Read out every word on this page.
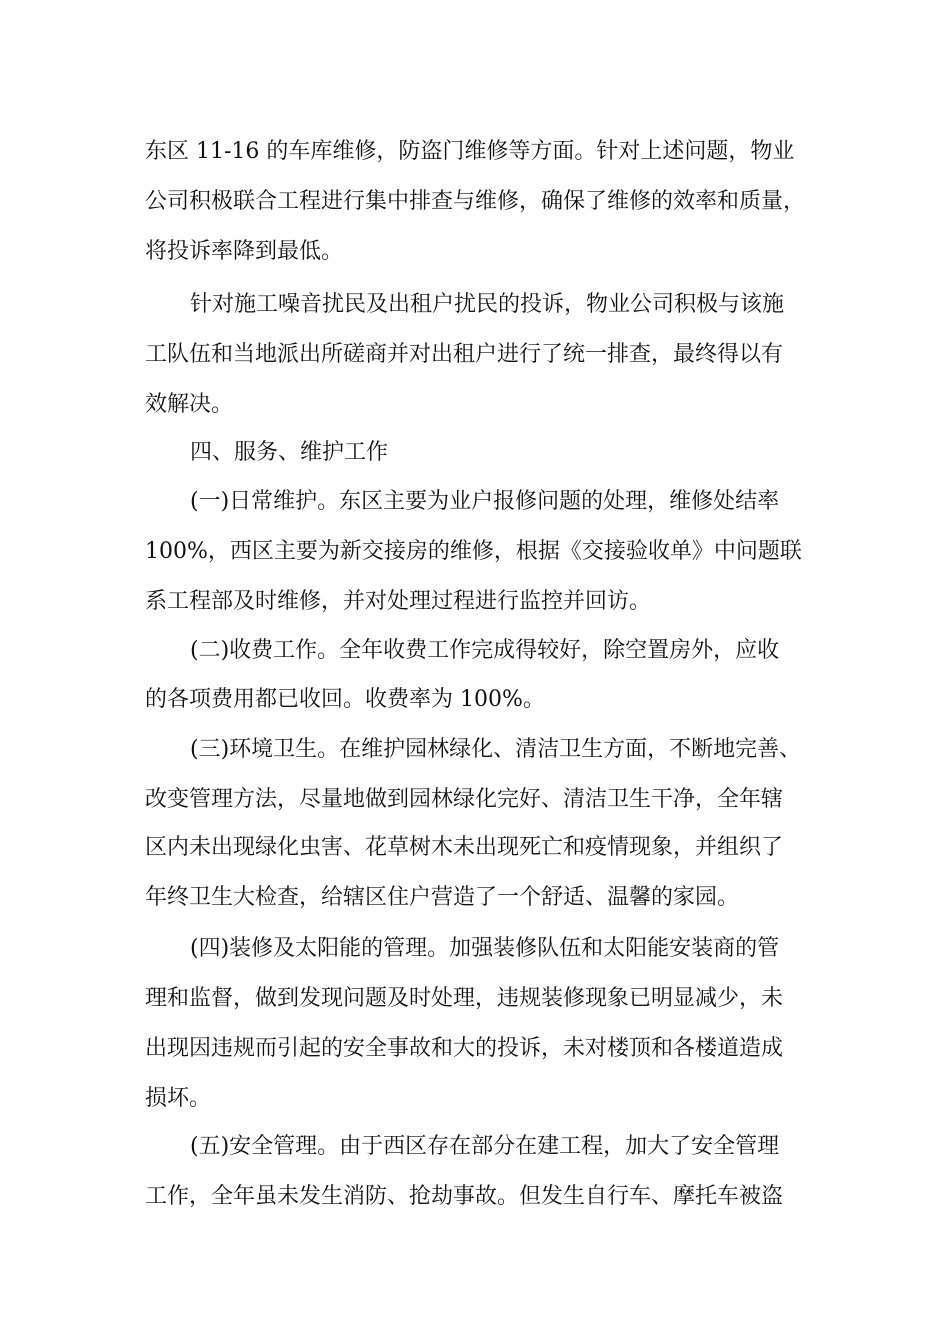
东区 11-16 的车库维修，防盗门维修等方面。针对上述问题，物业

公司积极联合工程进行集中排查与维修，确保了维修的效率和质量，

将投诉率降到最低。

针对施工噪音扰民及出租户扰民的投诉，物业公司积极与该施

工队伍和当地派出所磋商并对出租户进行了统一排查，最终得以有

效解决。

四、服务、维护工作

(一)日常维护。东区主要为业户报修问题的处理，维修处结率

100%，西区主要为新交接房的维修，根据《交接验收单》中问题联

系工程部及时维修，并对处理过程进行监控并回访。

(二)收费工作。全年收费工作完成得较好，除空置房外，应收

的各项费用都已收回。收费率为 100%。

(三)环境卫生。在维护园林绿化、清洁卫生方面，不断地完善、

改变管理方法，尽量地做到园林绿化完好、清洁卫生干净，全年辖

区内未出现绿化虫害、花草树木未出现死亡和疫情现象，并组织了

年终卫生大检查，给辖区住户营造了一个舒适、温馨的家园。

(四)装修及太阳能的管理。加强装修队伍和太阳能安装商的管

理和监督，做到发现问题及时处理，违规装修现象已明显减少，未

出现因违规而引起的安全事故和大的投诉，未对楼顶和各楼道造成

损坏。

(五)安全管理。由于西区存在部分在建工程，加大了安全管理

工作，全年虽未发生消防、抢劫事故。但发生自行车、摩托车被盗
